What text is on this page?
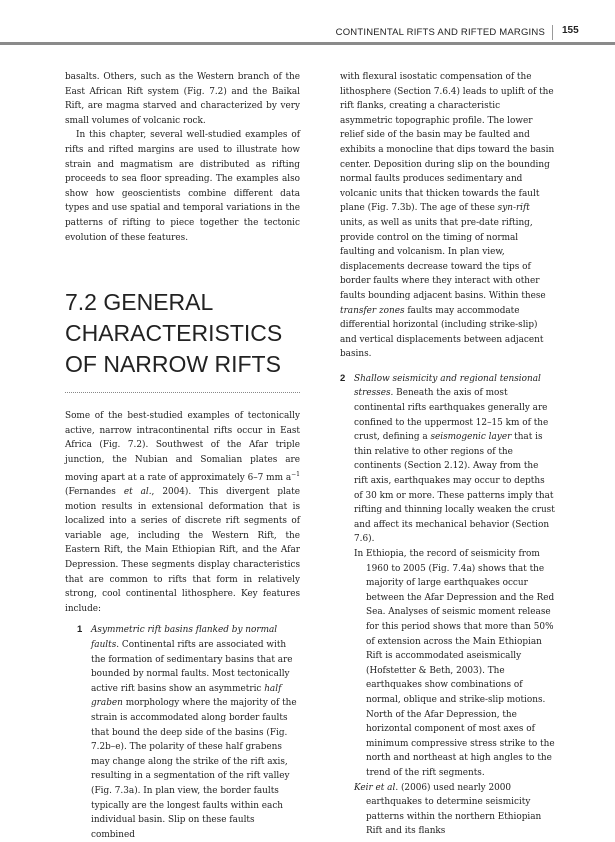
CONTINENTAL RIFTS AND RIFTED MARGINS 155

basalts. Others, such as the Western branch of the East African Rift system (Fig. 7.2) and the Baikal Rift, are magma starved and characterized by very small volumes of volcanic rock.

In this chapter, several well-studied examples of rifts and rifted margins are used to illustrate how strain and magmatism are distributed as rifting proceeds to sea floor spreading. The examples also show how geoscientists combine different data types and use spatial and temporal variations in the patterns of rifting to piece together the tectonic evolution of these features.

7.2 GENERAL CHARACTERISTICS OF NARROW RIFTS

Some of the best-studied examples of tectonically active, narrow intracontinental rifts occur in East Africa (Fig. 7.2). Southwest of the Afar triple junction, the Nubian and Somalian plates are moving apart at a rate of approximately 6–7 mm $a^{-1}$ (Fernandes et al., 2004). This divergent plate motion results in extensional deformation that is localized into a series of discrete rift segments of variable age, including the Western Rift, the Eastern Rift, the Main Ethiopian Rift, and the Afar Depression. These segments display characteristics that are common to rifts that form in relatively strong, cool continental lithosphere. Key features include:

1 Asymmetric rift basins flanked by normal faults. Continental rifts are associated with the formation of sedimentary basins that are bounded by normal faults. Most tectonically active rift basins show an asymmetric half graben morphology where the majority of the strain is accommodated along border faults that bound the deep side of the basins (Fig. 7.2b–e). The polarity of these half grabens may change along the strike of the rift axis, resulting in a segmentation of the rift valley (Fig. 7.3a). In plan view, the border faults typically are the longest faults within each individual basin. Slip on these faults combined

with flexural isostatic compensation of the lithosphere (Section 7.6.4) leads to uplift of the rift flanks, creating a characteristic asymmetric topographic profile. The lower relief side of the basin may be faulted and exhibits a monocline that dips toward the basin center. Deposition during slip on the bounding normal faults produces sedimentary and volcanic units that thicken towards the fault plane (Fig. 7.3b). The age of these syn-rift units, as well as units that pre-date rifting, provide control on the timing of normal faulting and volcanism. In plan view, displacements decrease toward the tips of border faults where they interact with other faults bounding adjacent basins. Within these transfer zones faults may accommodate differential horizontal (including strike-slip) and vertical displacements between adjacent basins.

2 Shallow seismicity and regional tensional stresses. Beneath the axis of most continental rifts earthquakes generally are confined to the uppermost 12–15 km of the crust, defining a seismogenic layer that is thin relative to other regions of the continents (Section 2.12). Away from the rift axis, earthquakes may occur to depths of 30 km or more. These patterns imply that rifting and thinning locally weaken the crust and affect its mechanical behavior (Section 7.6).

In Ethiopia, the record of seismicity from 1960 to 2005 (Fig. 7.4a) shows that the majority of large earthquakes occur between the Afar Depression and the Red Sea. Analyses of seismic moment release for this period shows that more than 50% of extension across the Main Ethiopian Rift is accommodated aseismically (Hofstetter & Beth, 2003). The earthquakes show combinations of normal, oblique and strike-slip motions. North of the Afar Depression, the horizontal component of most axes of minimum compressive stress strike to the north and northeast at high angles to the trend of the rift segments.

Keir et al. (2006) used nearly 2000 earthquakes to determine seismicity patterns within the northern Ethiopian Rift and its flanks
